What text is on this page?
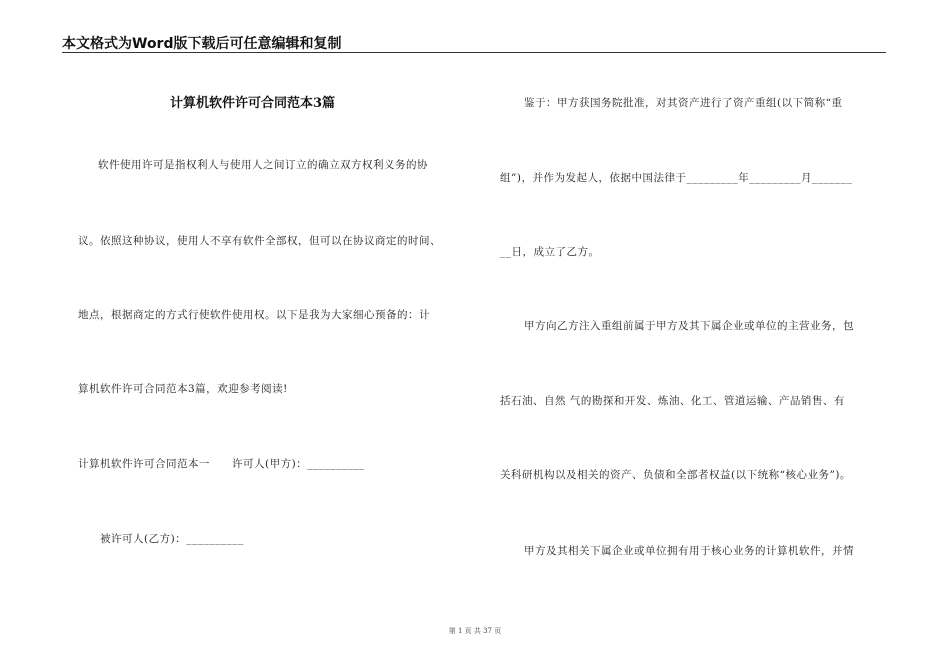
本文格式为Word版下载后可任意编辑和复制
计算机软件许可合同范本3篇
软件使用许可是指权利人与使用人之间订立的确立双方权利义务的协
议。依照这种协议，使用人不享有软件全部权，但可以在协议商定的时间、
地点，根据商定的方式行使软件使用权。以下是我为大家细心预备的：计
算机软件许可合同范本3篇，欢迎参考阅读!
计算机软件许可合同范本一　　许可人(甲方)：__________
被许可人(乙方)：__________
鉴于：甲方获国务院批准，对其资产进行了资产重组(以下简称“重
组”)，并作为发起人，依据中国法律于_________年_________月_______
__日，成立了乙方。
甲方向乙方注入重组前属于甲方及其下属企业或单位的主营业务，包
括石油、自然 气的勘探和开发、炼油、化工、管道运输、产品销售、有
关科研机构以及相关的资产、负债和全部者权益(以下统称“核心业务”)。
甲方及其相关下属企业或单位拥有用于核心业务的计算机软件，并情
第 1 页 共 37 页
